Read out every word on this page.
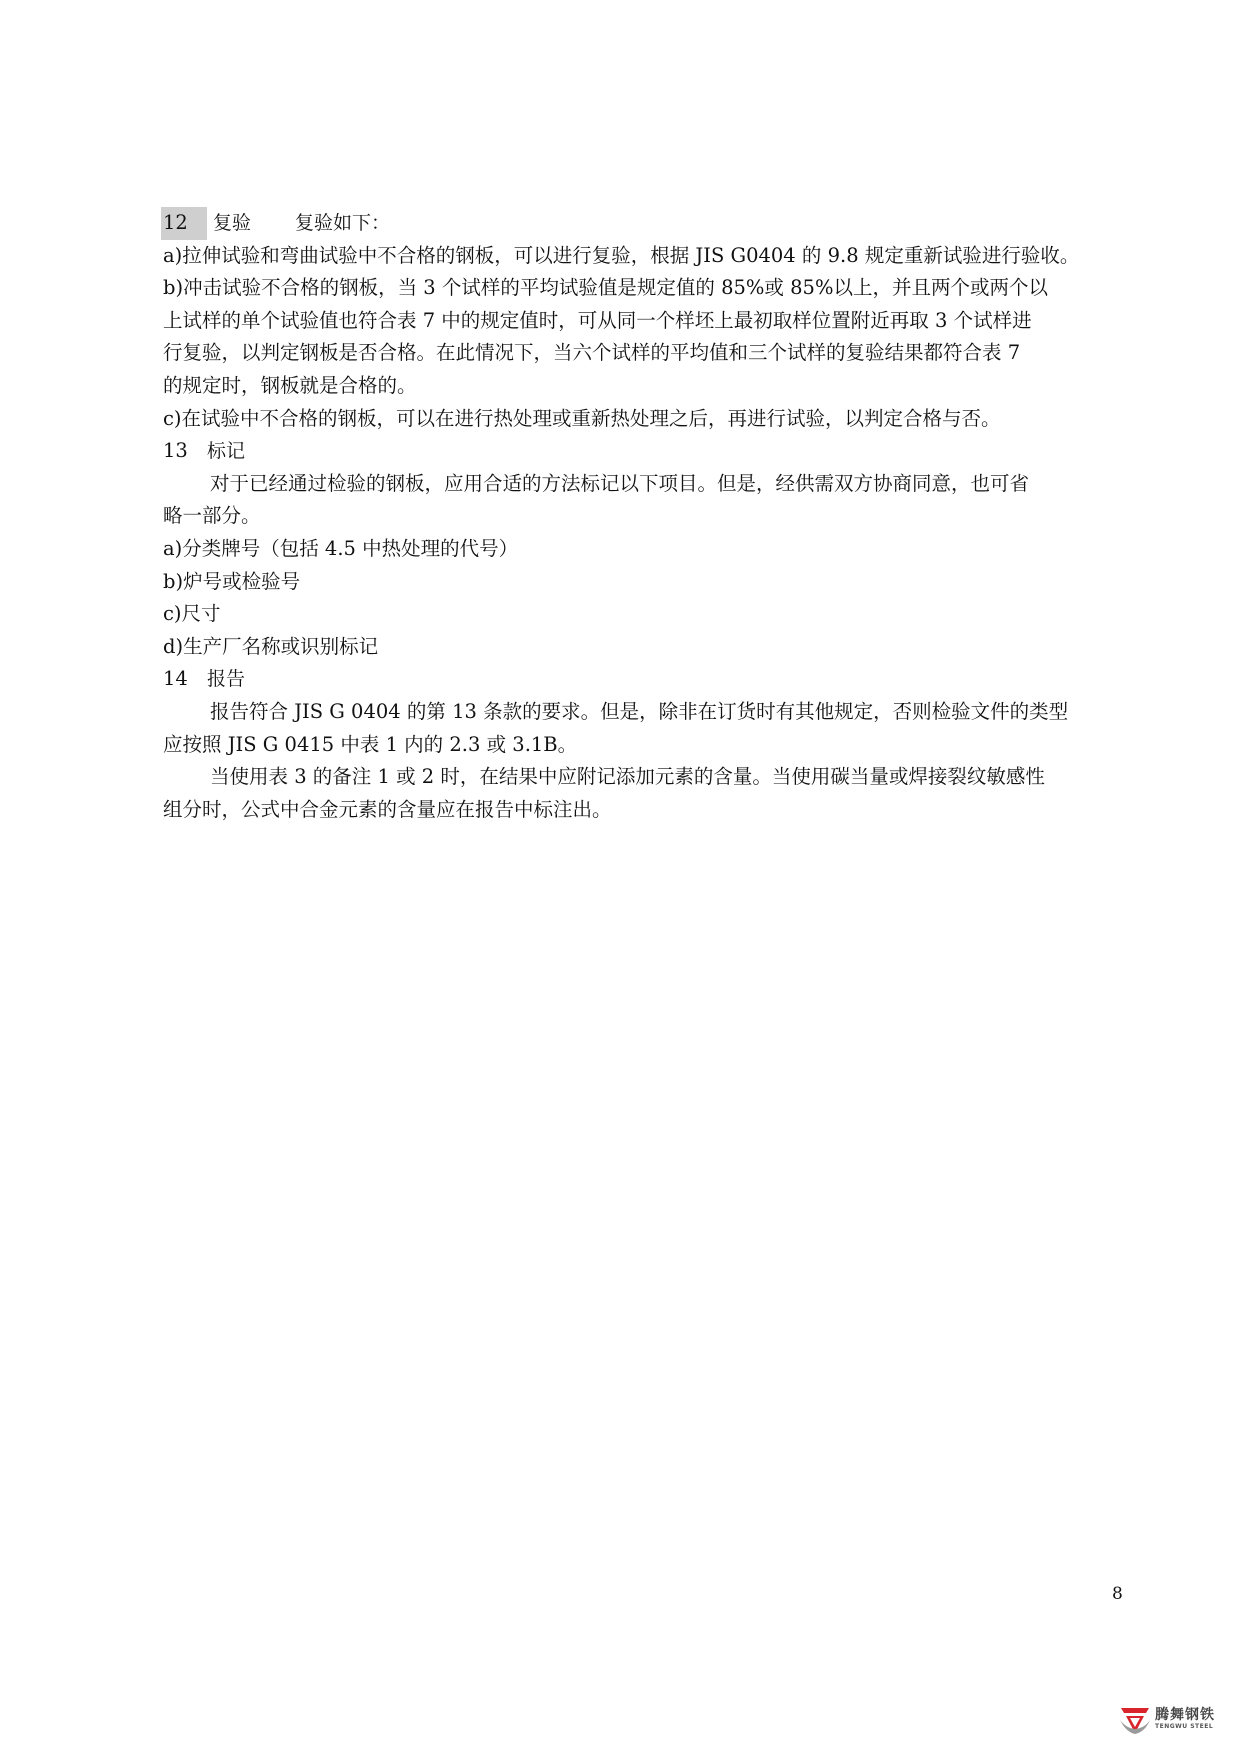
12 复验 复验如下：
a)拉伸试验和弯曲试验中不合格的钢板，可以进行复验，根据 JIS G0404 的 9.8 规定重新试验进行验收。
b)冲击试验不合格的钢板，当 3 个试样的平均试验值是规定值的 85%或 85%以上，并且两个或两个以
上试样的单个试验值也符合表 7 中的规定值时，可从同一个样坯上最初取样位置附近再取 3 个试样进
行复验，以判定钢板是否合格。在此情况下，当六个试样的平均值和三个试样的复验结果都符合表 7
的规定时，钢板就是合格的。
c)在试验中不合格的钢板，可以在进行热处理或重新热处理之后，再进行试验，以判定合格与否。
13 标记
对于已经通过检验的钢板，应用合适的方法标记以下项目。但是，经供需双方协商同意，也可省
略一部分。
a)分类牌号（包括 4.5 中热处理的代号）
b)炉号或检验号
c)尺寸
d)生产厂名称或识别标记
14 报告
报告符合 JIS G 0404 的第 13 条款的要求。但是，除非在订货时有其他规定，否则检验文件的类型
应按照 JIS G 0415 中表 1 内的 2.3 或 3.1B。
当使用表 3 的备注 1 或 2 时，在结果中应附记添加元素的含量。当使用碳当量或焊接裂纹敏感性
组分时，公式中合金元素的含量应在报告中标注出。
8
腾舞钢铁
TENGWU STEEL
